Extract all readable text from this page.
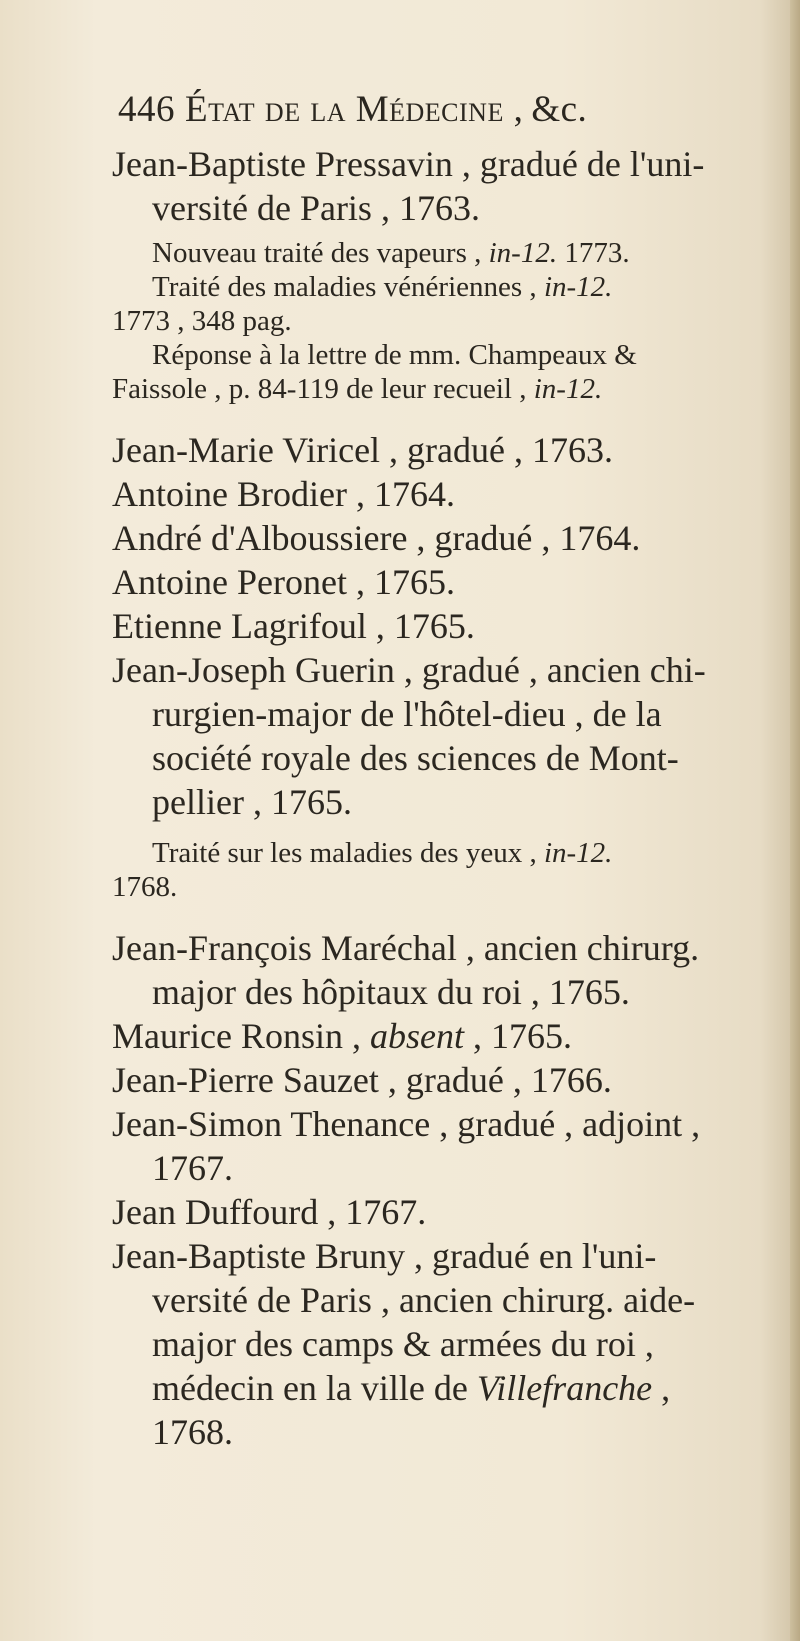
446 État de la Médecine , &c.
Jean-Baptiste Pressavin , gradué de l'uni-
versité de Paris , 1763.
Nouveau traité des vapeurs , in-12. 1773.
Traité des maladies vénériennes , in-12.
1773 , 348 pag.
Réponse à la lettre de mm. Champeaux &
Faissole , p. 84-119 de leur recueil , in-12.
Jean-Marie Viricel , gradué , 1763.
Antoine Brodier , 1764.
André d'Alboussiere , gradué , 1764.
Antoine Peronet , 1765.
Etienne Lagrifoul , 1765.
Jean-Joseph Guerin , gradué , ancien chi-
rurgien-major de l'hôtel-dieu , de la
société royale des sciences de Mont-
pellier , 1765.
Traité sur les maladies des yeux , in-12.
1768.
Jean-François Maréchal , ancien chirurg.
major des hôpitaux du roi , 1765.
Maurice Ronsin , absent , 1765.
Jean-Pierre Sauzet , gradué , 1766.
Jean-Simon Thenance , gradué , adjoint ,
1767.
Jean Duffourd , 1767.
Jean-Baptiste Bruny , gradué en l'uni-
versité de Paris , ancien chirurg. aide-
major des camps & armées du roi ,
médecin en la ville de Villefranche ,
1768.
